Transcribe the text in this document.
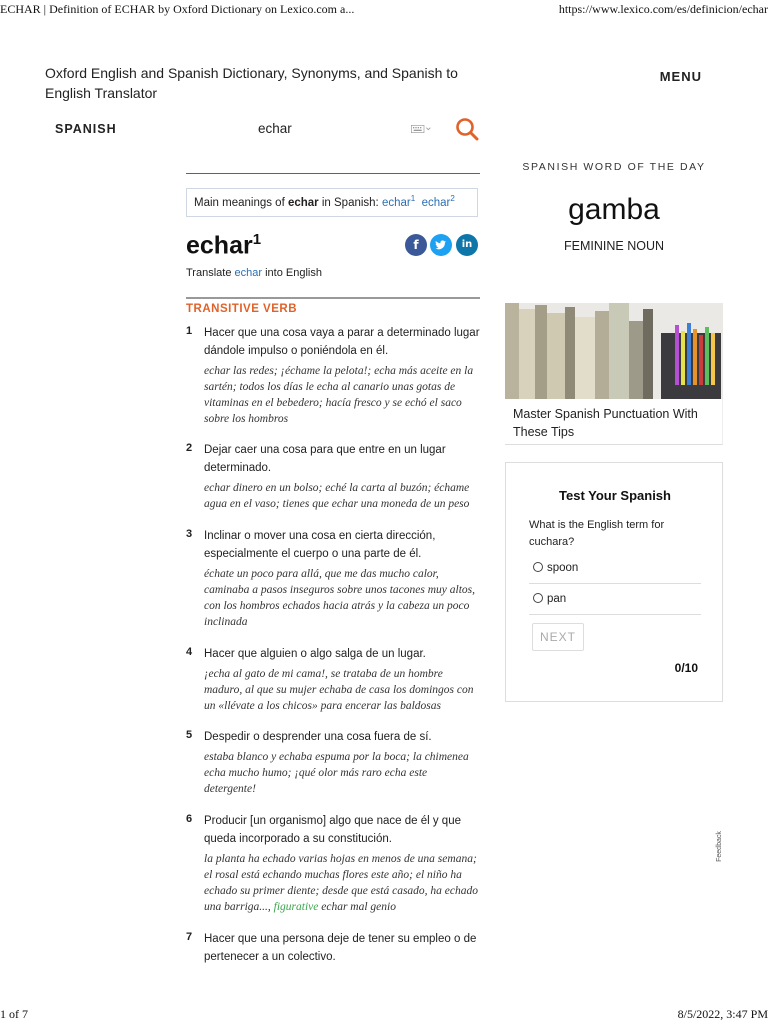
ECHAR | Definition of ECHAR by Oxford Dictionary on Lexico.com a...	https://www.lexico.com/es/definicion/echar
1 of 7	8/5/2022, 3:47 PM
Oxford English and Spanish Dictionary, Synonyms, and Spanish to English Translator
MENU
SPANISH	echar
Main meanings of echar in Spanish: echar$^1$ echar$^2$
echar$^1$	f	in
Translate echar into English
TRANSITIVE VERB
1 Hacer que una cosa vaya a parar a determinado lugar dándole impulso o poniéndola en él.
echar las redes; ¡échame la pelota!; echa más aceite en la sartén; todos los días le echa al canario unas gotas de vitaminas en el bebedero; hacía fresco y se echó el saco sobre los hombros
2 Dejar caer una cosa para que entre en un lugar determinado.
echar dinero en un bolso; eché la carta al buzón; échame agua en el vaso; tienes que echar una moneda de un peso
3 Inclinar o mover una cosa en cierta dirección, especialmente el cuerpo o una parte de él.
échate un poco para allá, que me das mucho calor, caminaba a pasos inseguros sobre unos tacones muy altos, con los hombros echados hacia atrás y la cabeza un poco inclinada
4 Hacer que alguien o algo salga de un lugar.
¡echa al gato de mi cama!, se trataba de un hombre maduro, al que su mujer echaba de casa los domingos con un «llévate a los chicos» para encerar las baldosas
5 Despedir o desprender una cosa fuera de sí.
estaba blanco y echaba espuma por la boca; la chimenea echa mucho humo; ¡qué olor más raro echa este detergente!
6 Producir [un organismo] algo que nace de él y que queda incorporado a su constitución.
la planta ha echado varias hojas en menos de una semana; el rosal está echando muchas flores este año; el niño ha echado su primer diente; desde que está casado, ha echado una barriga..., figurative echar mal genio
7 Hacer que una persona deje de tener su empleo o de pertenecer a un colectivo.
SPANISH WORD OF THE DAY
gamba
FEMININE NOUN
Master Spanish Punctuation With These Tips
Test Your Spanish
What is the English term for cuchara?
spoon
pan
NEXT
0/10
Feedback
